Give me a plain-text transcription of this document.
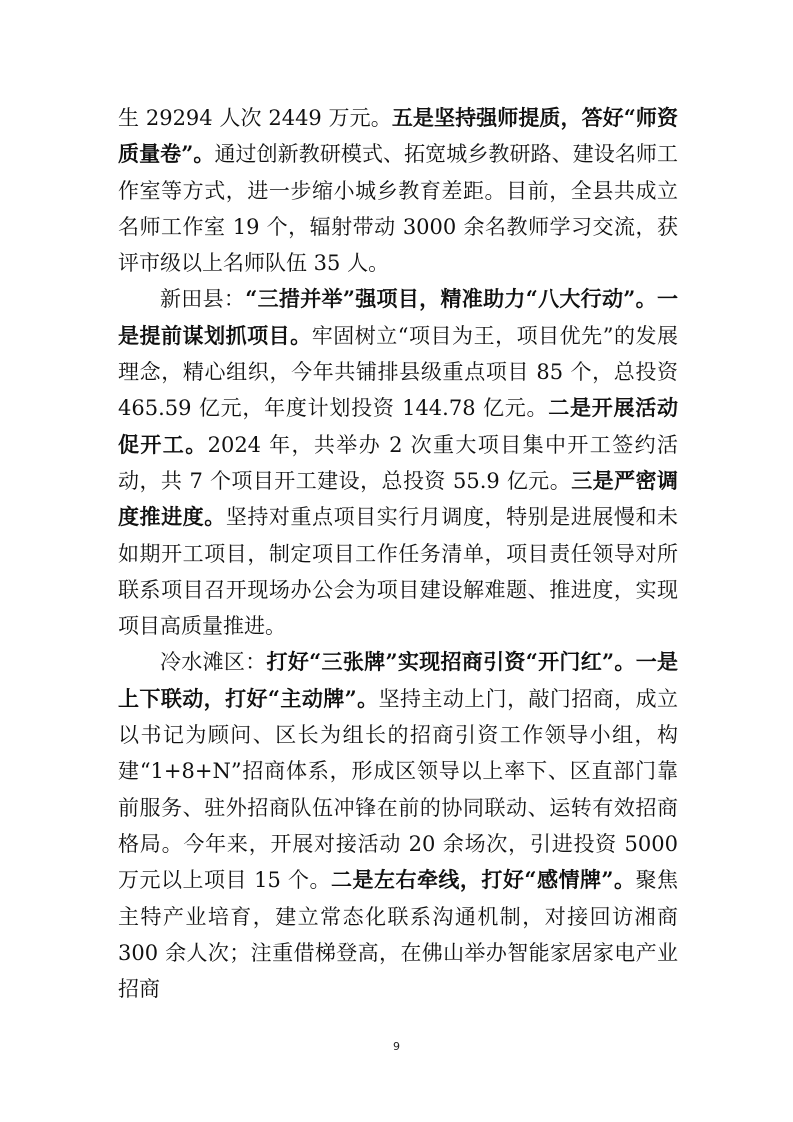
生 29294 人次 2449 万元。五是坚持强师提质，答好“师资质量卷”。通过创新教研模式、拓宽城乡教研路、建设名师工作室等方式，进一步缩小城乡教育差距。目前，全县共成立名师工作室 19 个，辐射带动 3000 余名教师学习交流，获评市级以上名师队伍 35 人。

新田县：“三措并举”强项目，精准助力“八大行动”。一是提前谋划抓项目。牢固树立“项目为王，项目优先”的发展理念，精心组织，今年共铺排县级重点项目 85 个，总投资 465.59 亿元，年度计划投资 144.78 亿元。二是开展活动促开工。2024 年，共举办 2 次重大项目集中开工签约活动，共 7 个项目开工建设，总投资 55.9 亿元。三是严密调度推进度。坚持对重点项目实行月调度，特别是进展慢和未如期开工项目，制定项目工作任务清单，项目责任领导对所联系项目召开现场办公会为项目建设解难题、推进度，实现项目高质量推进。

冷水滩区：打好“三张牌”实现招商引资“开门红”。一是上下联动，打好“主动牌”。坚持主动上门，敲门招商，成立以书记为顾问、区长为组长的招商引资工作领导小组，构建“1+8+N”招商体系，形成区领导以上率下、区直部门靠前服务、驻外招商队伍冲锋在前的协同联动、运转有效招商格局。今年来，开展对接活动 20 余场次，引进投资 5000 万元以上项目 15 个。二是左右牵线，打好“感情牌”。聚焦主特产业培育，建立常态化联系沟通机制，对接回访湘商 300 余人次；注重借梯登高，在佛山举办智能家居家电产业招商

9
